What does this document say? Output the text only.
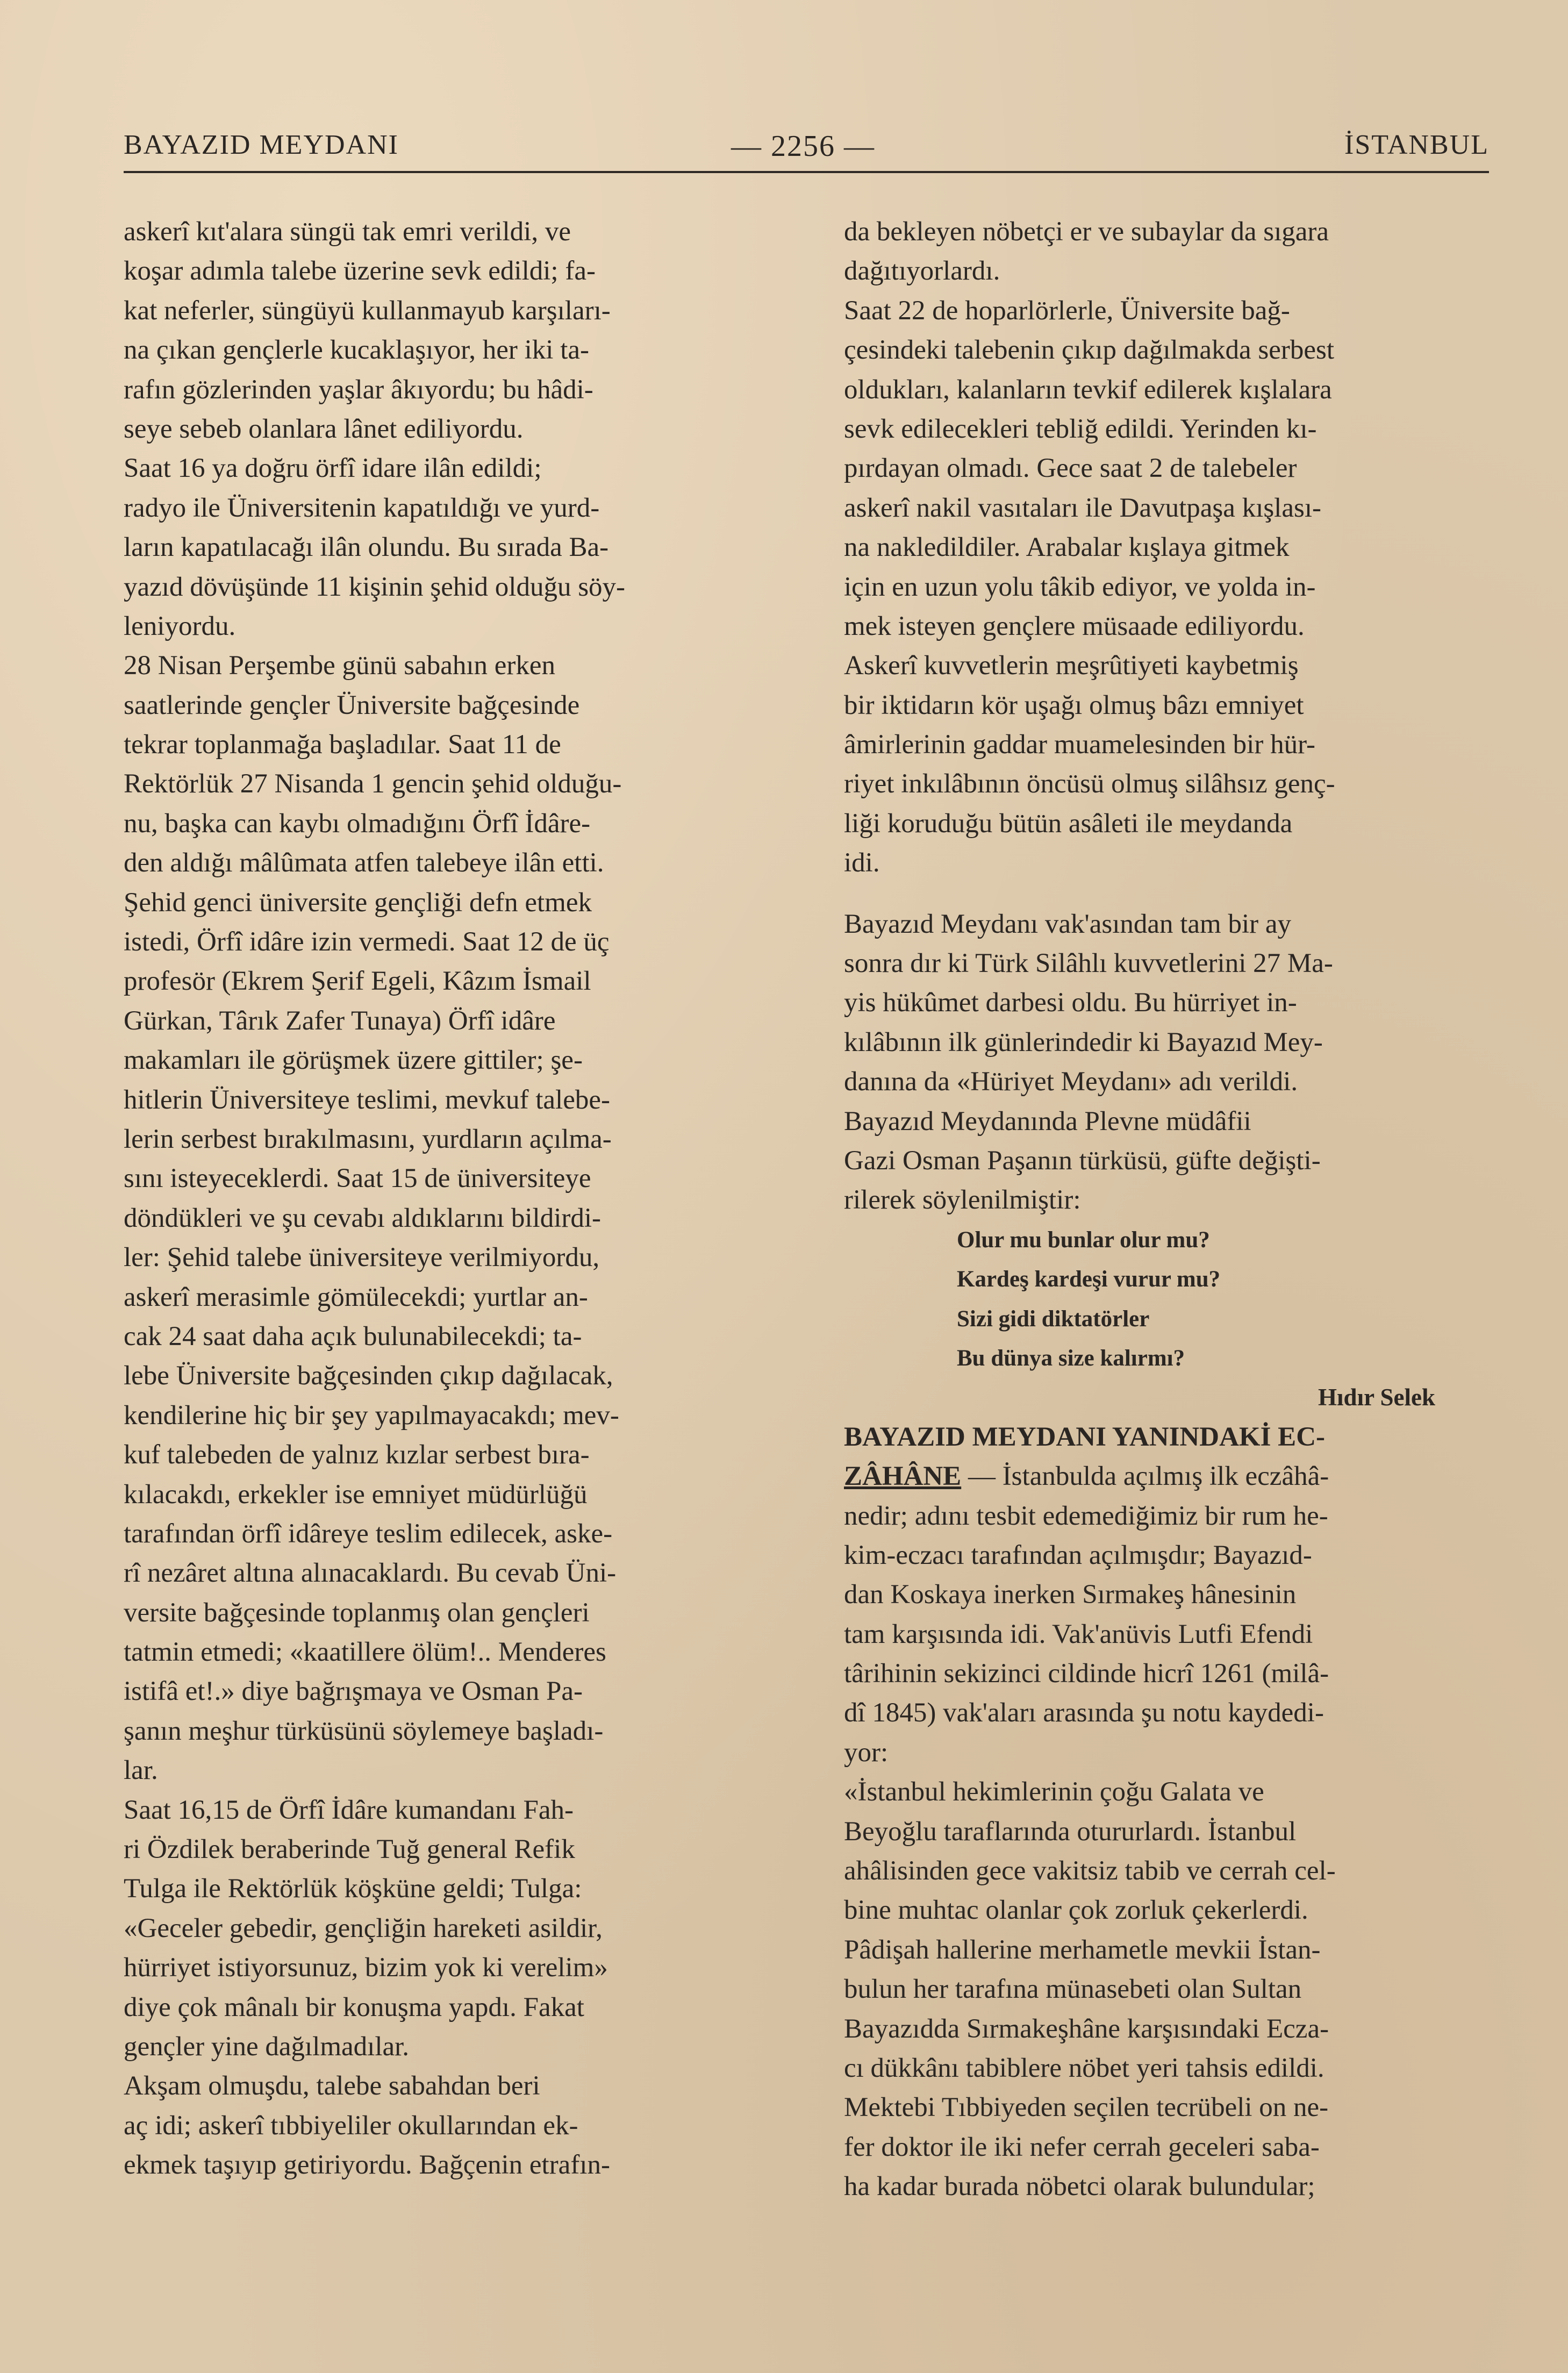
BAYAZID MEYDANI	— 2256 —	İSTANBUL
askerî kıt'alara süngü tak emri verildi, ve
koşar adımla talebe üzerine sevk edildi; fa-
kat neferler, süngüyü kullanmayub karşıları-
na çıkan gençlerle kucaklaşıyor, her iki ta-
rafın gözlerinden yaşlar âkıyordu; bu hâdi-
seye sebeb olanlara lânet ediliyordu.
Saat 16 ya doğru örfî idare ilân edildi;
radyo ile Üniversitenin kapatıldığı ve yurd-
ların kapatılacağı ilân olundu. Bu sırada Ba-
yazıd dövüşünde 11 kişinin şehid olduğu söy-
leniyordu.
28 Nisan Perşembe günü sabahın erken
saatlerinde gençler Üniversite bağçesinde
tekrar toplanmağa başladılar. Saat 11 de
Rektörlük 27 Nisanda 1 gencin şehid olduğu-
nu, başka can kaybı olmadığını Örfî İdâre-
den aldığı mâlûmata atfen talebeye ilân etti.
Şehid genci üniversite gençliği defn etmek
istedi, Örfî idâre izin vermedi. Saat 12 de üç
profesör (Ekrem Şerif Egeli, Kâzım İsmail
Gürkan, Târık Zafer Tunaya) Örfî idâre
makamları ile görüşmek üzere gittiler; şe-
hitlerin Üniversiteye teslimi, mevkuf talebe-
lerin serbest bırakılmasını, yurdların açılma-
sını isteyeceklerdi. Saat 15 de üniversiteye
döndükleri ve şu cevabı aldıklarını bildirdi-
ler: Şehid talebe üniversiteye verilmiyordu,
askerî merasimle gömülecekdi; yurtlar an-
cak 24 saat daha açık bulunabilecekdi; ta-
lebe Üniversite bağçesinden çıkıp dağılacak,
kendilerine hiç bir şey yapılmayacakdı; mev-
kuf talebeden de yalnız kızlar serbest bıra-
kılacakdı, erkekler ise emniyet müdürlüğü
tarafından örfî idâreye teslim edilecek, aske-
rî nezâret altına alınacaklardı. Bu cevab Üni-
versite bağçesinde toplanmış olan gençleri
tatmin etmedi; «kaatillere ölüm!.. Menderes
istifâ et!.» diye bağrışmaya ve Osman Pa-
şanın meşhur türküsünü söylemeye başladı-
lar.
Saat 16,15 de Örfî İdâre kumandanı Fah-
ri Özdilek beraberinde Tuğ general Refik
Tulga ile Rektörlük köşküne geldi; Tulga:
«Geceler gebedir, gençliğin hareketi asildir,
hürriyet istiyorsunuz, bizim yok ki verelim»
diye çok mânalı bir konuşma yapdı. Fakat
gençler yine dağılmadılar.
Akşam olmuşdu, talebe sabahdan beri
aç idi; askerî tıbbiyeliler okullarından ek-
ekmek taşıyıp getiriyordu. Bağçenin etrafın-
da bekleyen nöbetçi er ve subaylar da sıgara
dağıtıyorlardı.
Saat 22 de hoparlörlerle, Üniversite bağ-
çesindeki talebenin çıkıp dağılmakda serbest
oldukları, kalanların tevkif edilerek kışlalara
sevk edilecekleri tebliğ edildi. Yerinden kı-
pırdayan olmadı. Gece saat 2 de talebeler
askerî nakil vasıtaları ile Davutpaşa kışlası-
na nakledildiler. Arabalar kışlaya gitmek
için en uzun yolu tâkib ediyor, ve yolda in-
mek isteyen gençlere müsaade ediliyordu.
Askerî kuvvetlerin meşrûtiyeti kaybetmiş
bir iktidarın kör uşağı olmuş bâzı emniyet
âmirlerinin gaddar muamelesinden bir hür-
riyet inkılâbının öncüsü olmuş silâhsız genç-
liği koruduğu bütün asâleti ile meydanda
idi.
Bayazıd Meydanı vak'asından tam bir ay
sonra dır ki Türk Silâhlı kuvvetlerini 27 Ma-
yis hükûmet darbesi oldu. Bu hürriyet in-
kılâbının ilk günlerindedir ki Bayazıd Mey-
danına da «Hüriyet Meydanı» adı verildi.
Bayazıd Meydanında Plevne müdâfii
Gazi Osman Paşanın türküsü, güfte değişti-
rilerek söylenilmiştir:
Olur mu bunlar olur mu?
Kardeş kardeşi vurur mu?
Sizi gidi diktatörler
Bu dünya size kalırmı?
Hıdır Selek
BAYAZID MEYDANI YANINDAKİ EC-
ZÂHÂNE — İstanbulda açılmış ilk eczâhâ-
nedir; adını tesbit edemediğimiz bir rum he-
kim-eczacı tarafından açılmışdır; Bayazıd-
dan Koskaya inerken Sırmakeş hânesinin
tam karşısında idi. Vak'anüvis Lutfi Efendi
târihinin sekizinci cildinde hicrî 1261 (milâ-
dî 1845) vak'aları arasında şu notu kaydedi-
yor:
«İstanbul hekimlerinin çoğu Galata ve
Beyoğlu taraflarında otururlardı. İstanbul
ahâlisinden gece vakitsiz tabib ve cerrah cel-
bine muhtac olanlar çok zorluk çekerlerdi.
Pâdişah hallerine merhametle mevkii İstan-
bulun her tarafına münasebeti olan Sultan
Bayazıdda Sırmakeşhâne karşısındaki Ecza-
cı dükkânı tabiblere nöbet yeri tahsis edildi.
Mektebi Tıbbiyeden seçilen tecrübeli on ne-
fer doktor ile iki nefer cerrah geceleri saba-
ha kadar burada nöbetci olarak bulundular;
